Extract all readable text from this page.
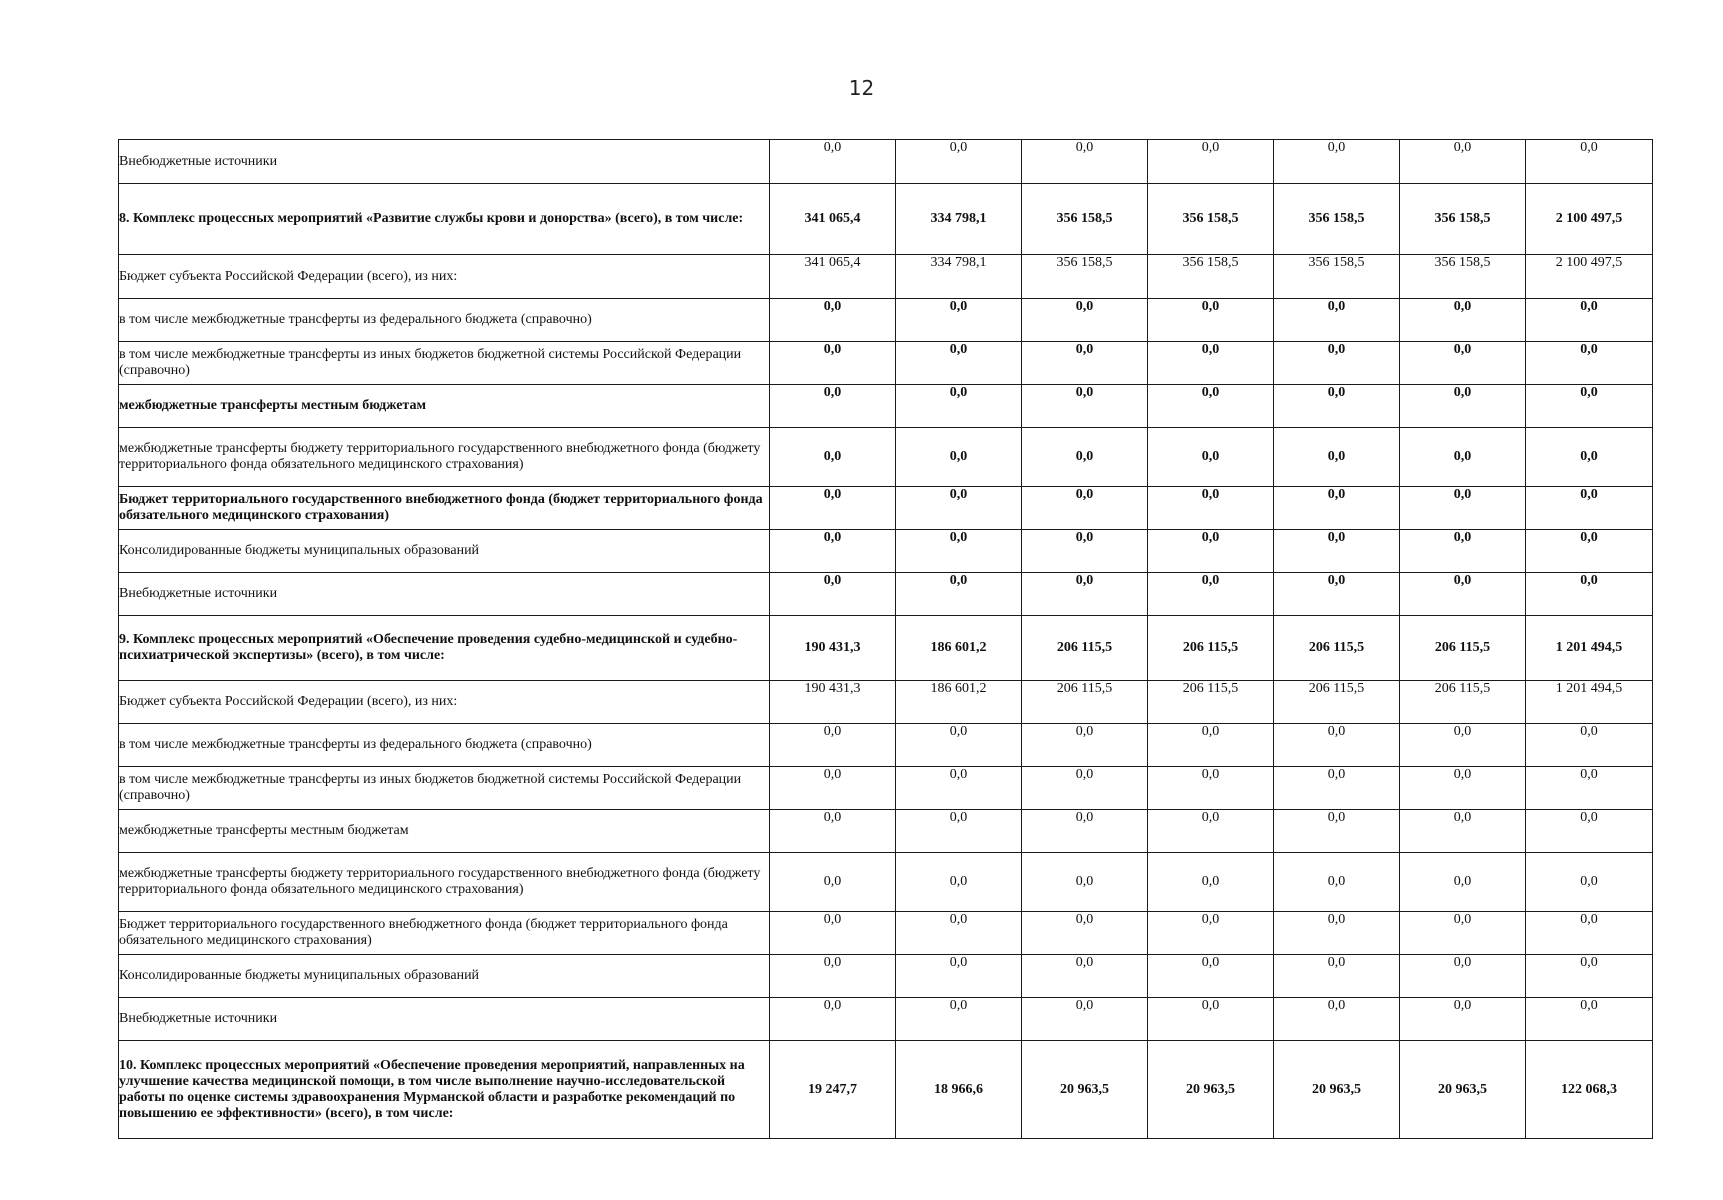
12
Внебюджетные источники	0,0	0,0	0,0	0,0	0,0	0,0	0,0
8. Комплекс процессных мероприятий «Развитие службы крови и донорства» (всего), в том числе:	341 065,4	334 798,1	356 158,5	356 158,5	356 158,5	356 158,5	2 100 497,5
Бюджет субъекта Российской Федерации (всего), из них:	341 065,4	334 798,1	356 158,5	356 158,5	356 158,5	356 158,5	2 100 497,5
в том числе межбюджетные трансферты из федерального бюджета (справочно)	0,0	0,0	0,0	0,0	0,0	0,0	0,0
в том числе межбюджетные трансферты из иных бюджетов бюджетной системы Российской Федерации (справочно)	0,0	0,0	0,0	0,0	0,0	0,0	0,0
межбюджетные трансферты местным бюджетам	0,0	0,0	0,0	0,0	0,0	0,0	0,0
межбюджетные трансферты бюджету территориального государственного внебюджетного фонда (бюджету территориального фонда обязательного медицинского страхования)	0,0	0,0	0,0	0,0	0,0	0,0	0,0
Бюджет территориального государственного внебюджетного фонда (бюджет территориального фонда обязательного медицинского страхования)	0,0	0,0	0,0	0,0	0,0	0,0	0,0
Консолидированные бюджеты муниципальных образований	0,0	0,0	0,0	0,0	0,0	0,0	0,0
Внебюджетные источники	0,0	0,0	0,0	0,0	0,0	0,0	0,0
9. Комплекс процессных мероприятий «Обеспечение проведения судебно-медицинской и судебно-психиатрической экспертизы» (всего), в том числе:	190 431,3	186 601,2	206 115,5	206 115,5	206 115,5	206 115,5	1 201 494,5
Бюджет субъекта Российской Федерации (всего), из них:	190 431,3	186 601,2	206 115,5	206 115,5	206 115,5	206 115,5	1 201 494,5
в том числе межбюджетные трансферты из федерального бюджета (справочно)	0,0	0,0	0,0	0,0	0,0	0,0	0,0
в том числе межбюджетные трансферты из иных бюджетов бюджетной системы Российской Федерации (справочно)	0,0	0,0	0,0	0,0	0,0	0,0	0,0
межбюджетные трансферты местным бюджетам	0,0	0,0	0,0	0,0	0,0	0,0	0,0
межбюджетные трансферты бюджету территориального государственного внебюджетного фонда (бюджету территориального фонда обязательного медицинского страхования)	0,0	0,0	0,0	0,0	0,0	0,0	0,0
Бюджет территориального государственного внебюджетного фонда (бюджет территориального фонда обязательного медицинского страхования)	0,0	0,0	0,0	0,0	0,0	0,0	0,0
Консолидированные бюджеты муниципальных образований	0,0	0,0	0,0	0,0	0,0	0,0	0,0
Внебюджетные источники	0,0	0,0	0,0	0,0	0,0	0,0	0,0
10. Комплекс процессных мероприятий «Обеспечение проведения мероприятий, направленных на улучшение качества медицинской помощи, в том числе выполнение научно-исследовательской работы по оценке системы здравоохранения Мурманской области и разработке рекомендаций по повышению ее эффективности» (всего), в том числе:	19 247,7	18 966,6	20 963,5	20 963,5	20 963,5	20 963,5	122 068,3
